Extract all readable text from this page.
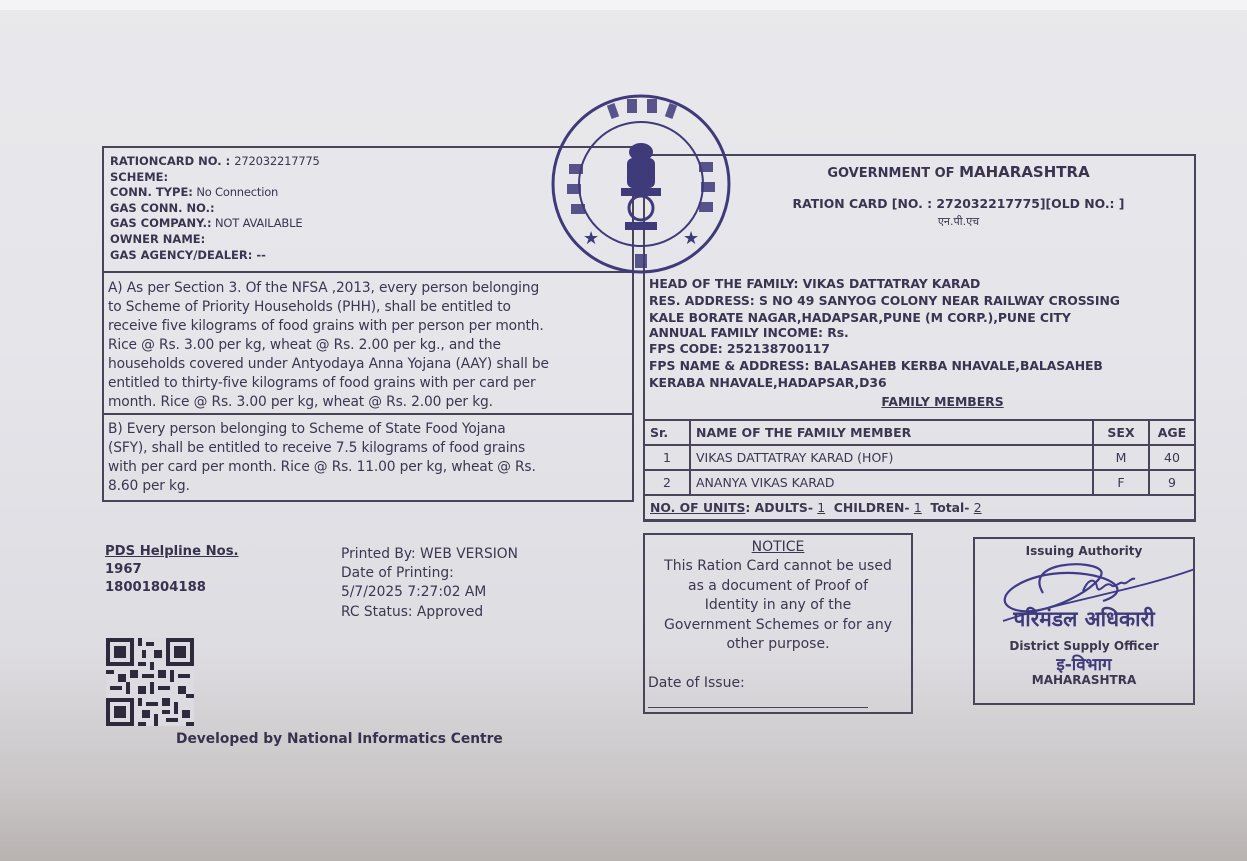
RATIONCARD NO. : 272032217775
SCHEME:
CONN. TYPE: No Connection
GAS CONN. NO.:
GAS COMPANY.: NOT AVAILABLE
OWNER NAME:
GAS AGENCY/DEALER: --
A) As per Section 3. Of the NFSA ,2013, every person belonging
to Scheme of Priority Households (PHH), shall be entitled to
receive five kilograms of food grains with per person per month.
Rice @ Rs. 3.00 per kg, wheat @ Rs. 2.00 per kg., and the
households covered under Antyodaya Anna Yojana (AAY) shall be
entitled to thirty-five kilograms of food grains with per card per
month. Rice @ Rs. 3.00 per kg, wheat @ Rs. 2.00 per kg.
B) Every person belonging to Scheme of State Food Yojana
(SFY), shall be entitled to receive 7.5 kilograms of food grains
with per card per month. Rice @ Rs. 11.00 per kg, wheat @ Rs.
8.60 per kg.
GOVERNMENT OF MAHARASHTRA
RATION CARD [NO. : 272032217775][OLD NO.: ]
एन.पी.एच
HEAD OF THE FAMILY: VIKAS DATTATRAY KARAD
RES. ADDRESS: S NO 49 SANYOG COLONY NEAR RAILWAY CROSSING
KALE BORATE NAGAR,HADAPSAR,PUNE (M CORP.),PUNE CITY
ANNUAL FAMILY INCOME: Rs.
FPS CODE: 252138700117
FPS NAME & ADDRESS: BALASAHEB KERBA NHAVALE,BALASAHEB
KERABA NHAVALE,HADAPSAR,D36
FAMILY MEMBERS
Sr.	NAME OF THE FAMILY MEMBER	SEX	AGE
1	VIKAS DATTATRAY KARAD (HOF)	M	40
2	ANANYA VIKAS KARAD	F	9
NO. OF UNITS: ADULTS- 1  CHILDREN- 1  Total- 2			
PDS Helpline Nos.
1967
18001804188
Printed By: WEB VERSION
Date of Printing:
5/7/2025 7:27:02 AM
RC Status: Approved
Developed by National Informatics Centre
NOTICE
This Ration Card cannot be used
as a document of Proof of
Identity in any of the
Government Schemes or for any
other purpose.
Date of Issue:
Issuing Authority
परिमंडल अधिकारी
District Supply Officer
इ-विभाग
MAHARASHTRA
★	★
